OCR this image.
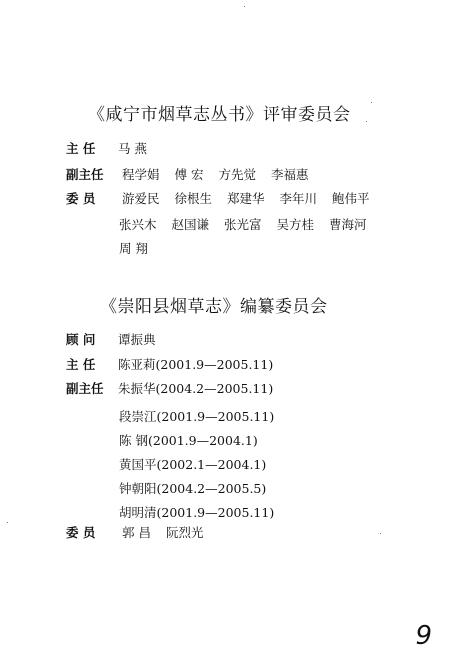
《咸宁市烟草志丛书》评审委员会
主 任 马 燕
副主任 程学娟 傅 宏 方先觉 李福惠
委 员 游爱民 徐根生 郑建华 李年川 鲍伟平
张兴木 赵国谦 张光富 吴方桂 曹海河
周 翔
《崇阳县烟草志》编纂委员会
顾 问 谭振典
主 任 陈亚莉(2001.9—2005.11)
副主任 朱振华(2004.2—2005.11)
段崇江(2001.9—2005.11)
陈 钢(2001.9—2004.1)
黄国平(2002.1—2004.1)
钟朝阳(2004.2—2005.5)
胡明清(2001.9—2005.11)
委 员 郭 昌 阮烈光
9
